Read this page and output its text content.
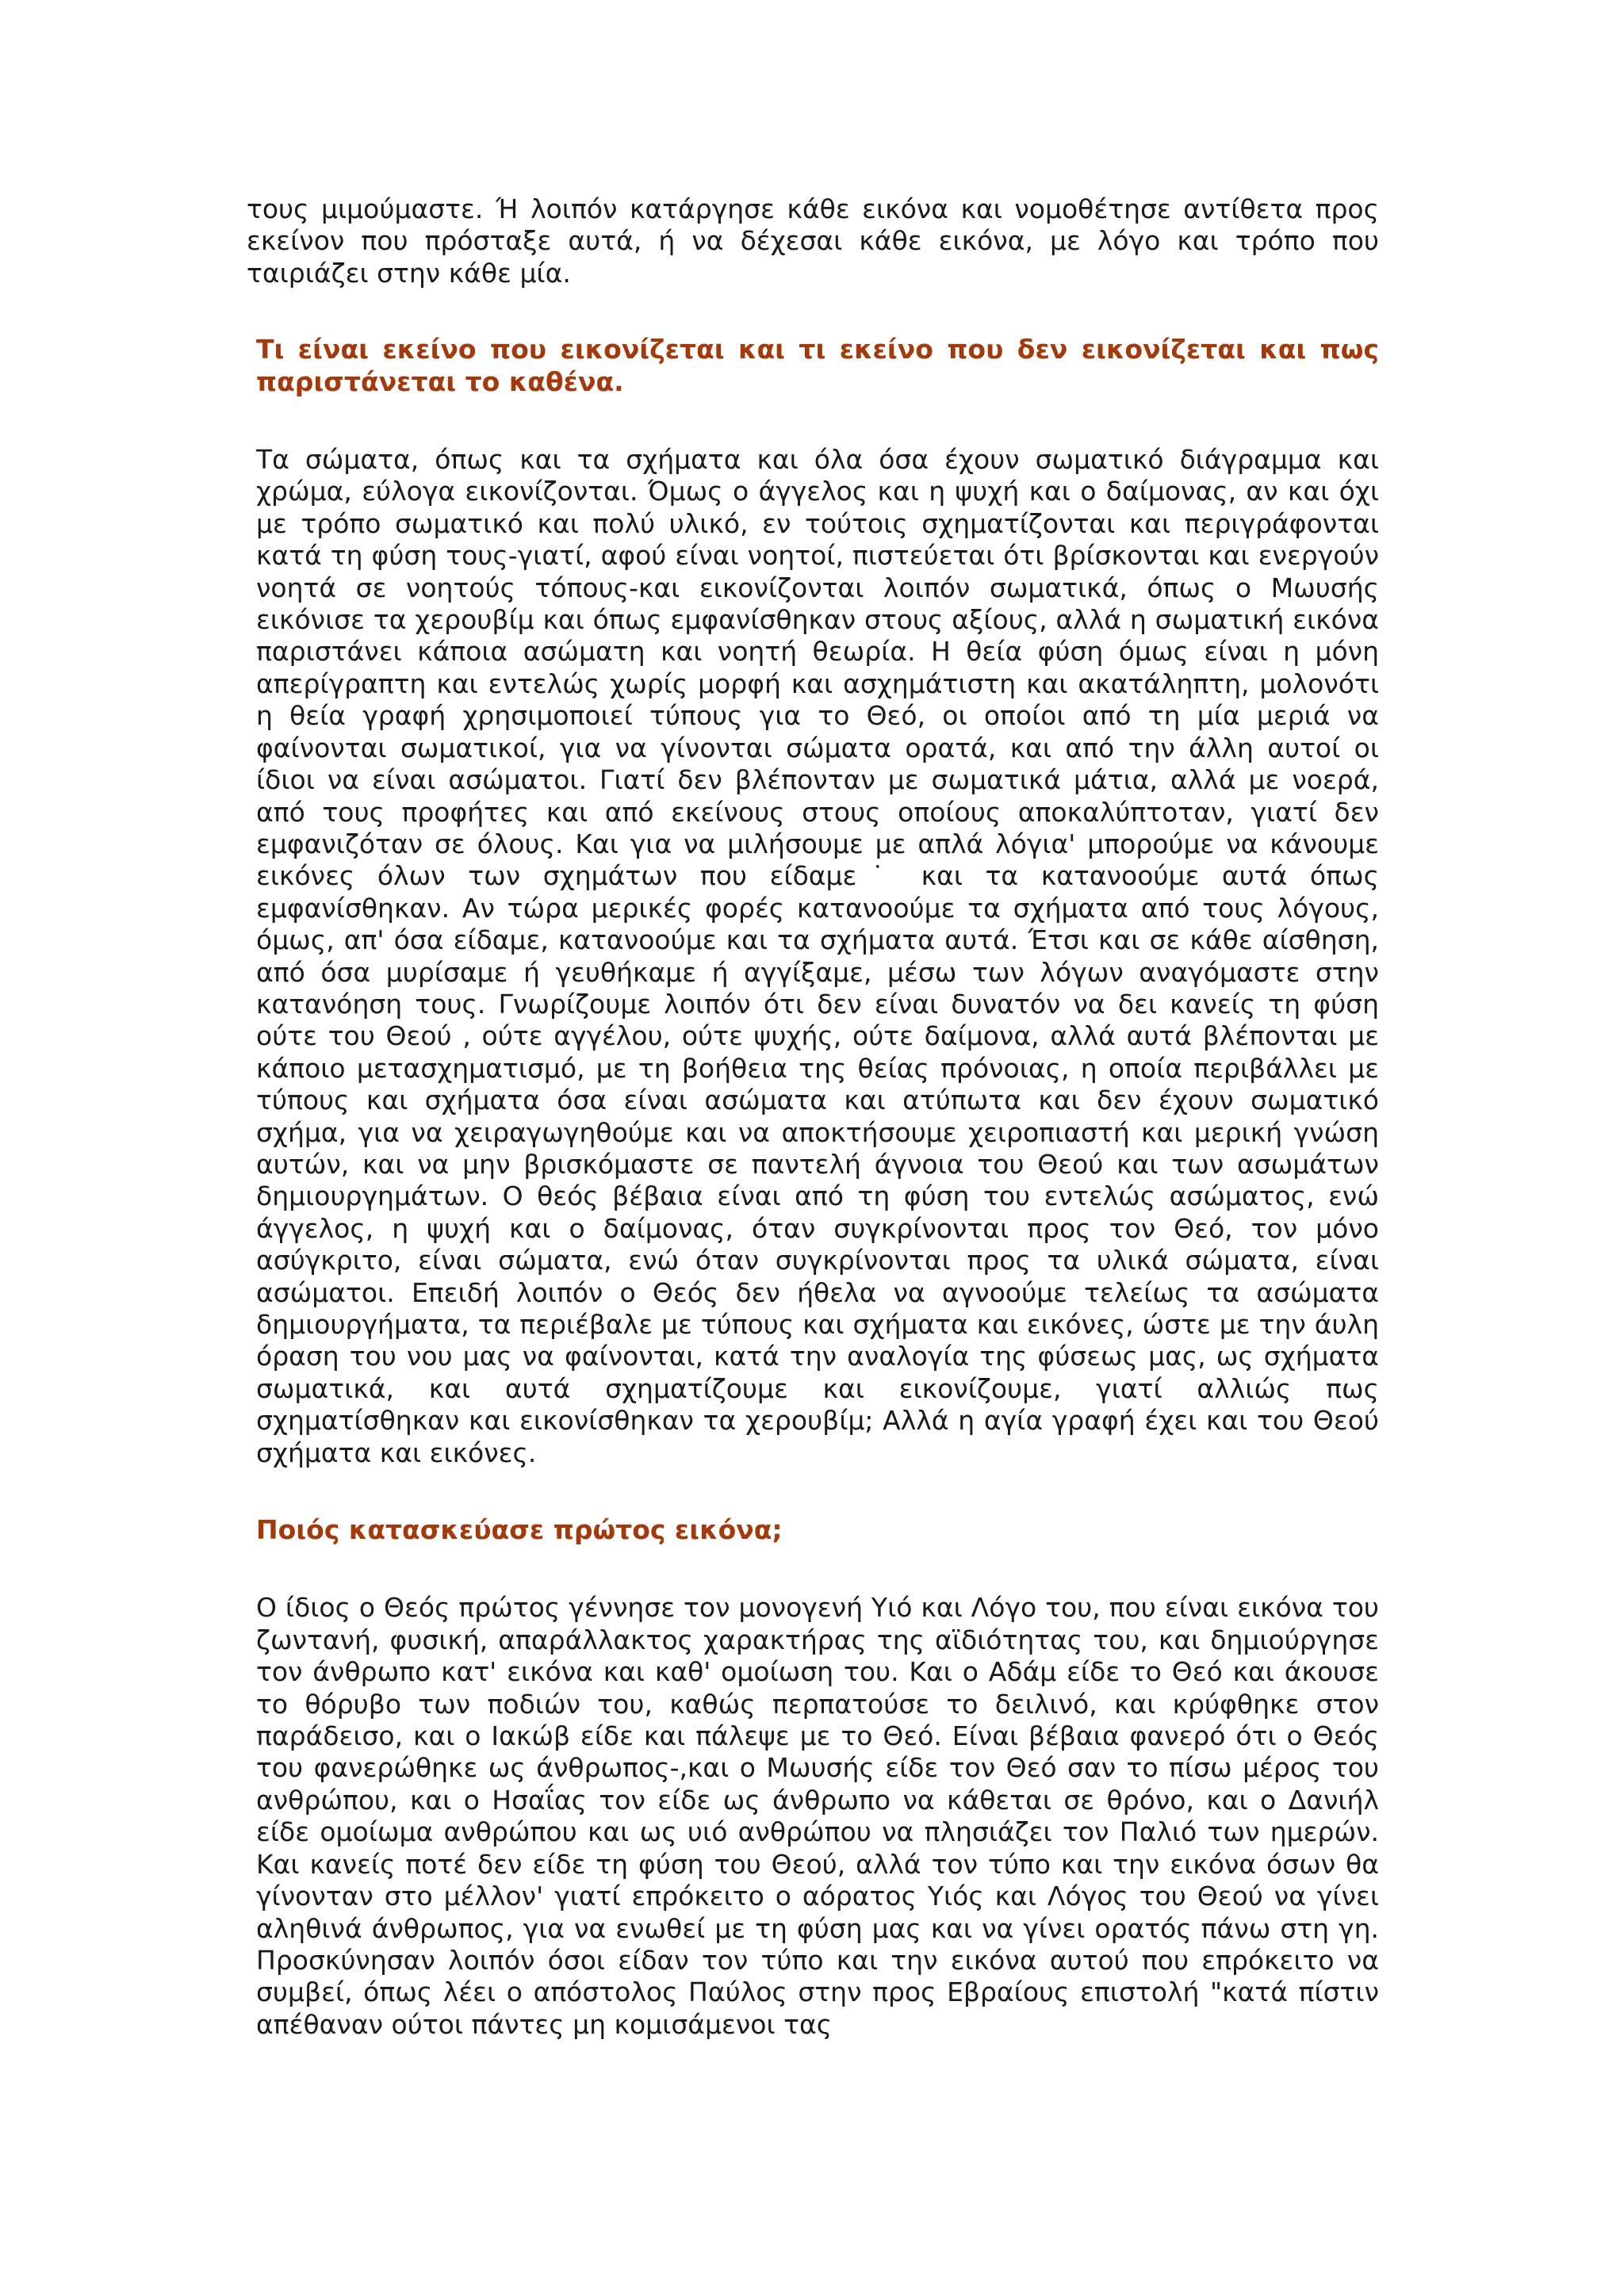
τους μιμούμαστε. Ή λοιπόν κατάργησε κάθε εικόνα και νομοθέτησε αντίθετα προς εκείνον που πρόσταξε αυτά, ή να δέχεσαι κάθε εικόνα, με λόγο και τρόπο που ταιριάζει στην κάθε μία.

Τι είναι εκείνο που εικονίζεται και τι εκείνο που δεν εικονίζεται και πως παριστάνεται το καθένα.

Τα σώματα, όπως και τα σχήματα και όλα όσα έχουν σωματικό διάγραμμα και χρώμα, εύλογα εικονίζονται. Όμως ο άγγελος και η ψυχή και ο δαίμονας, αν και όχι με τρόπο σωματικό και πολύ υλικό, εν τούτοις σχηματίζονται και περιγράφονται κατά τη φύση τους-γιατί, αφού είναι νοητοί, πιστεύεται ότι βρίσκονται και ενεργούν νοητά σε νοητούς τόπους-και εικονίζονται λοιπόν σωματικά, όπως ο Μωυσής εικόνισε τα χερουβίμ και όπως εμφανίσθηκαν στους αξίους, αλλά η σωματική εικόνα παριστάνει κάποια ασώματη και νοητή θεωρία. Η θεία φύση όμως είναι η μόνη απερίγραπτη και εντελώς χωρίς μορφή και ασχημάτιστη και ακατάληπτη, μολονότι η θεία γραφή χρησιμοποιεί τύπους για το Θεό, οι οποίοι από τη μία μεριά να φαίνονται σωματικοί, για να γίνονται σώματα ορατά, και από την άλλη αυτοί οι ίδιοι να είναι ασώματοι. Γιατί δεν βλέπονταν με σωματικά μάτια, αλλά με νοερά, από τους προφήτες και από εκείνους στους οποίους αποκαλύπτοταν, γιατί δεν εμφανιζόταν σε όλους. Και για να μιλήσουμε με απλά λόγια' μπορούμε να κάνουμε εικόνες όλων των σχημάτων που είδαμε˙ και τα κατανοούμε αυτά όπως εμφανίσθηκαν. Αν τώρα μερικές φορές κατανοούμε τα σχήματα από τους λόγους, όμως, απ' όσα είδαμε, κατανοούμε και τα σχήματα αυτά. Έτσι και σε κάθε αίσθηση, από όσα μυρίσαμε ή γευθήκαμε ή αγγίξαμε, μέσω των λόγων αναγόμαστε στην κατανόηση τους. Γνωρίζουμε λοιπόν ότι δεν είναι δυνατόν να δει κανείς τη φύση ούτε του Θεού , ούτε αγγέλου, ούτε ψυχής, ούτε δαίμονα, αλλά αυτά βλέπονται με κάποιο μετασχηματισμό, με τη βοήθεια της θείας πρόνοιας, η οποία περιβάλλει με τύπους και σχήματα όσα είναι ασώματα και ατύπωτα και δεν έχουν σωματικό σχήμα, για να χειραγωγηθούμε και να αποκτήσουμε χειροπιαστή και μερική γνώση αυτών, και να μην βρισκόμαστε σε παντελή άγνοια του Θεού και των ασωμάτων δημιουργημάτων. Ο θεός βέβαια είναι από τη φύση του εντελώς ασώματος, ενώ άγγελος, η ψυχή και ο δαίμονας, όταν συγκρίνονται προς τον Θεό, τον μόνο ασύγκριτο, είναι σώματα, ενώ όταν συγκρίνονται προς τα υλικά σώματα, είναι ασώματοι. Επειδή λοιπόν ο Θεός δεν ήθελα να αγνοούμε τελείως τα ασώματα δημιουργήματα, τα περιέβαλε με τύπους και σχήματα και εικόνες, ώστε με την άυλη όραση του νου μας να φαίνονται, κατά την αναλογία της φύσεως μας, ως σχήματα σωματικά, και αυτά σχηματίζουμε και εικονίζουμε, γιατί αλλιώς πως σχηματίσθηκαν και εικονίσθηκαν τα χερουβίμ; Αλλά η αγία γραφή έχει και του Θεού σχήματα και εικόνες.

Ποιός κατασκεύασε πρώτος εικόνα;

Ο ίδιος ο Θεός πρώτος γέννησε τον μονογενή Υιό και Λόγο του, που είναι εικόνα του ζωντανή, φυσική, απαράλλακτος χαρακτήρας της αϊδιότητας του, και δημιούργησε τον άνθρωπο κατ' εικόνα και καθ' ομοίωση του. Και ο Αδάμ είδε το Θεό και άκουσε το θόρυβο των ποδιών του, καθώς περπατούσε το δειλινό, και κρύφθηκε στον παράδεισο, και ο Ιακώβ είδε και πάλεψε με το Θεό. Είναι βέβαια φανερό ότι ο Θεός του φανερώθηκε ως άνθρωπος-,και ο Μωυσής είδε τον Θεό σαν το πίσω μέρος του ανθρώπου, και ο Ησαΐας τον είδε ως άνθρωπο να κάθεται σε θρόνο, και ο Δανιήλ είδε ομοίωμα ανθρώπου και ως υιό ανθρώπου να πλησιάζει τον Παλιό των ημερών. Και κανείς ποτέ δεν είδε τη φύση του Θεού, αλλά τον τύπο και την εικόνα όσων θα γίνονταν στο μέλλον' γιατί επρόκειτο ο αόρατος Υιός και Λόγος του Θεού να γίνει αληθινά άνθρωπος, για να ενωθεί με τη φύση μας και να γίνει ορατός πάνω στη γη. Προσκύνησαν λοιπόν όσοι είδαν τον τύπο και την εικόνα αυτού που επρόκειτο να συμβεί, όπως λέει ο απόστολος Παύλος στην προς Εβραίους επιστολή "κατά πίστιν απέθαναν ούτοι πάντες μη κομισάμενοι τας
